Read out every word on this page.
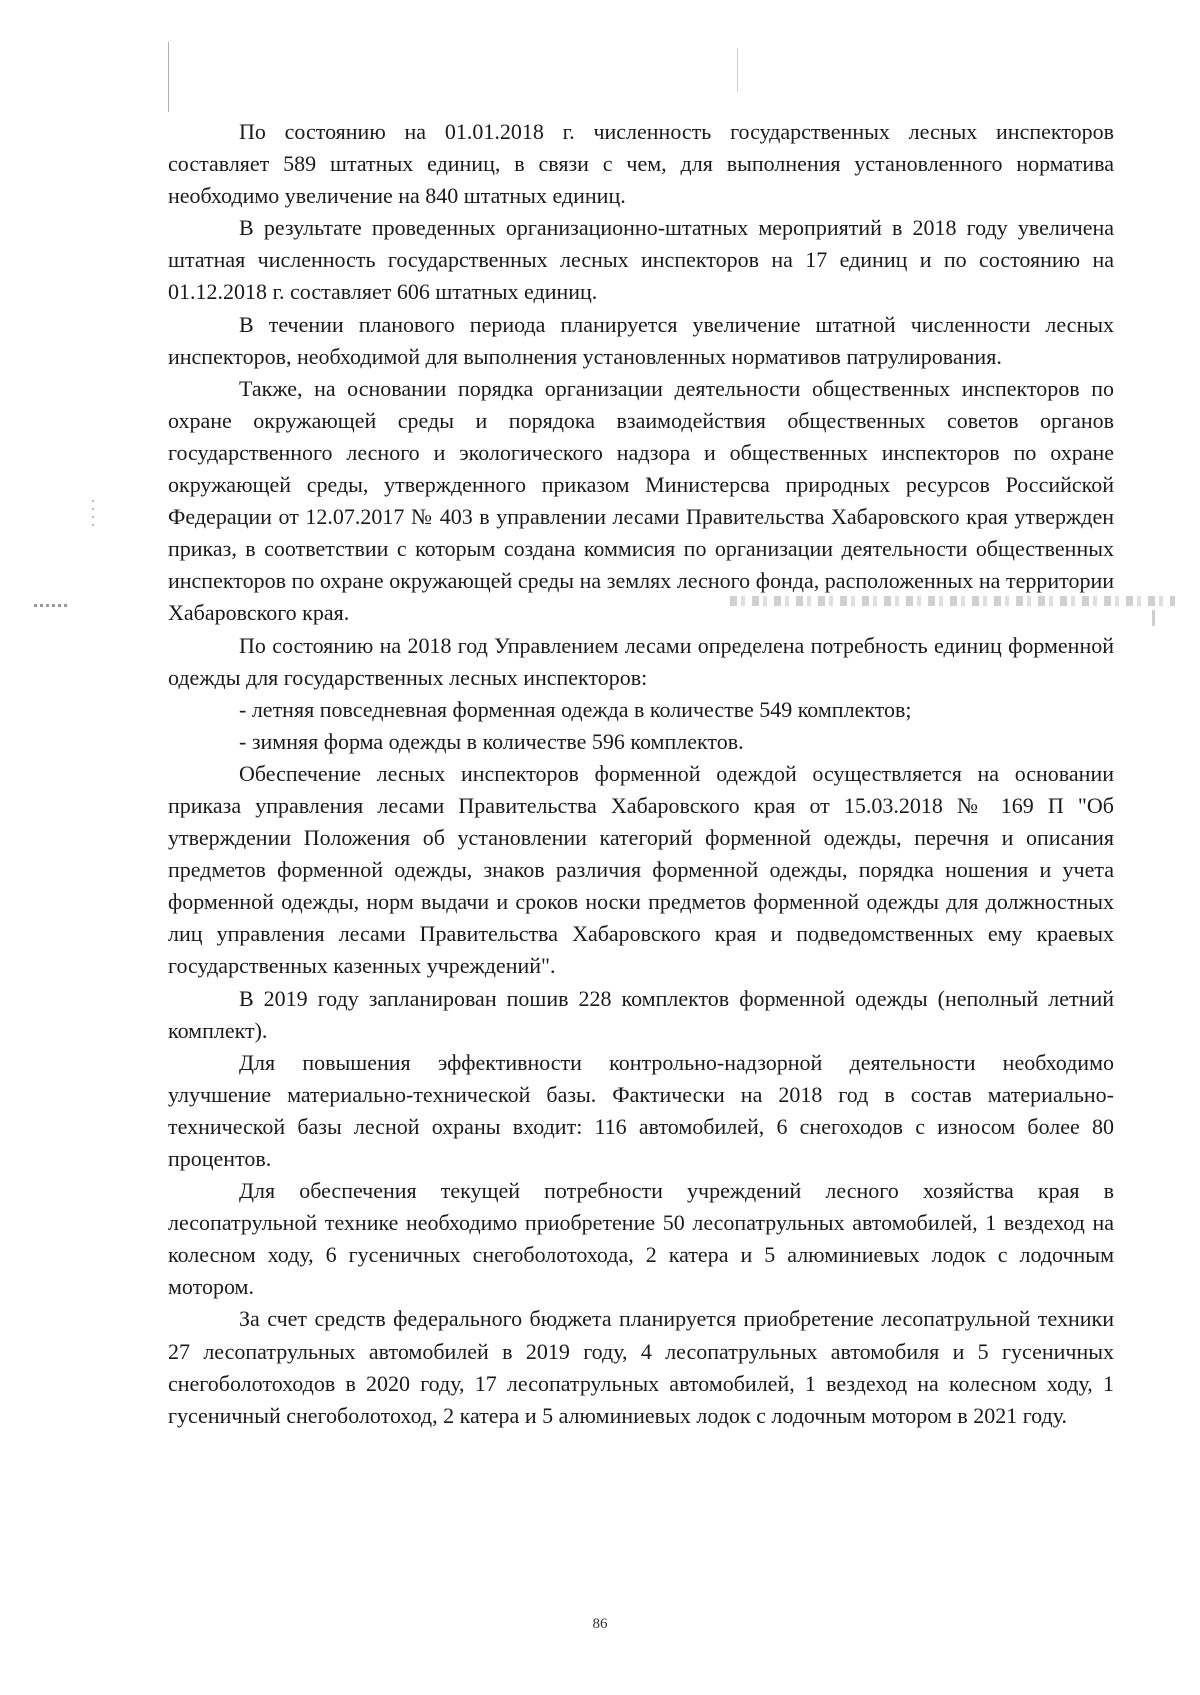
По состоянию на 01.01.2018 г. численность государственных лесных инспекторов составляет 589 штатных единиц, в связи с чем, для выполнения установленного норматива необходимо увеличение на 840 штатных единиц.

В результате проведенных организационно-штатных мероприятий в 2018 году увеличена штатная численность государственных лесных инспекторов на 17 единиц и по состоянию на 01.12.2018 г. составляет 606 штатных единиц.

В течении планового периода планируется увеличение штатной численности лесных инспекторов, необходимой для выполнения установленных нормативов патрулирования.

Также, на основании порядка организации деятельности общественных инспекторов по охране окружающей среды и порядока взаимодействия общественных советов органов государственного лесного и экологического надзора и общественных инспекторов по охране окружающей среды, утвержденного приказом Министерсва природных ресурсов Российской Федерации от 12.07.2017 № 403 в управлении лесами Правительства Хабаровского края утвержден приказ, в соответствии с которым создана коммисия по организации деятельности общественных инспекторов по охране окружающей среды на землях лесного фонда, расположенных на территории Хабаровского края.

По состоянию на 2018 год Управлением лесами определена потребность единиц форменной одежды для государственных лесных инспекторов:

- летняя повседневная форменная одежда в количестве 549 комплектов;

- зимняя форма одежды в количестве 596 комплектов.

Обеспечение лесных инспекторов форменной одеждой осуществляется на основании приказа управления лесами Правительства Хабаровского края от 15.03.2018 № 169 П "Об утверждении Положения об установлении категорий форменной одежды, перечня и описания предметов форменной одежды, знаков различия форменной одежды, порядка ношения и учета форменной одежды, норм выдачи и сроков носки предметов форменной одежды для должностных лиц управления лесами Правительства Хабаровского края и подведомственных ему краевых государственных казенных учреждений".

В 2019 году запланирован пошив 228 комплектов форменной одежды (неполный летний комплект).

Для повышения эффективности контрольно-надзорной деятельности необходимо улучшение материально-технической базы. Фактически на 2018 год в состав материально-технической базы лесной охраны входит: 116 автомобилей, 6 снегоходов с износом более 80 процентов.

Для обеспечения текущей потребности учреждений лесного хозяйства края в лесопатрульной технике необходимо приобретение 50 лесопатрульных автомобилей, 1 вездеход на колесном ходу, 6 гусеничных снегоболотохода, 2 катера и 5 алюминиевых лодок с лодочным мотором.

За счет средств федерального бюджета планируется приобретение лесопатрульной техники 27 лесопатрульных автомобилей в 2019 году, 4 лесопатрульных автомобиля и 5 гусеничных снегоболотоходов в 2020 году, 17 лесопатрульных автомобилей, 1 вездеход на колесном ходу, 1 гусеничный снегоболотоход, 2 катера и 5 алюминиевых лодок с лодочным мотором в 2021 году.

86
